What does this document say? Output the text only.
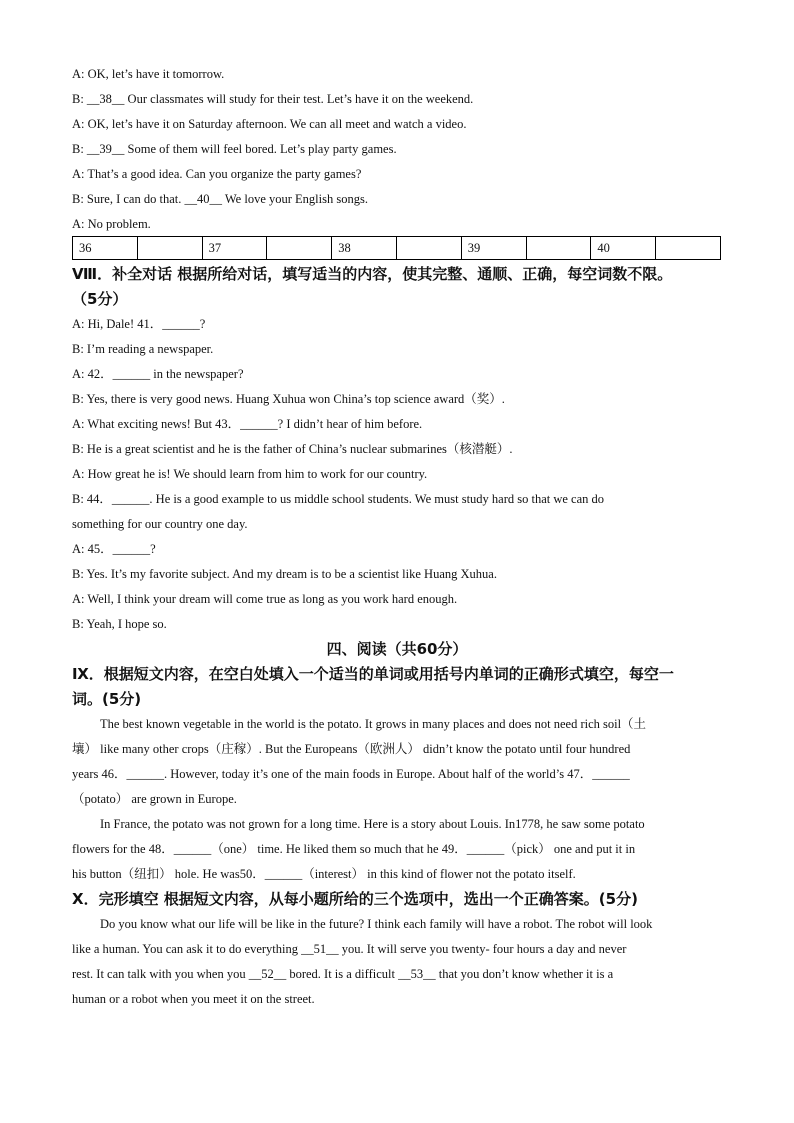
A: OK, let’s have it tomorrow.
B: __38__ Our classmates will study for their test. Let’s have it on the weekend.
A: OK, let’s have it on Saturday afternoon. We can all meet and watch a video.
B: __39__ Some of them will feel bored. Let’s play party games.
A: That’s a good idea. Can you organize the party games?
B: Sure, I can do that. __40__ We love your English songs.
A: No problem.
36		37		38		39		40	
Ⅷ．补全对话 根据所给对话，填写适当的内容，使其完整、通顺、正确，每空词数不限。
（5分）
A: Hi, Dale! 41．______?
B: I’m reading a newspaper.
A: 42．______ in the newspaper?
B: Yes, there is very good news. Huang Xuhua won China’s top science award（奖）.
A: What exciting news! But 43．______? I didn’t hear of him before.
B: He is a great scientist and he is the father of China’s nuclear submarines（核潜艇）.
A: How great he is! We should learn from him to work for our country.
B: 44．______. He is a good example to us middle school students. We must study hard so that we can do
something for our country one day.
A: 45．______?
B: Yes. It’s my favorite subject. And my dream is to be a scientist like Huang Xuhua.
A: Well, I think your dream will come true as long as you work hard enough.
B: Yeah, I hope so.
四、阅读（共60分）
Ⅸ．根据短文内容，在空白处填入一个适当的单词或用括号内单词的正确形式填空，每空一
词。(5分)
The best known vegetable in the world is the potato. It grows in many places and does not need rich soil（土
壤） like many other crops（庄稼）. But the Europeans（欧洲人） didn’t know the potato until four hundred
years 46．______. However, today it’s one of the main foods in Europe. About half of the world’s 47．______
（potato） are grown in Europe.
In France, the potato was not grown for a long time. Here is a story about Louis. In1778, he saw some potato
flowers for the 48．______（one） time. He liked them so much that he 49．______（pick） one and put it in
his button（纽扣） hole. He was50．______（interest） in this kind of flower not the potato itself.
Ⅹ．完形填空 根据短文内容，从每小题所给的三个选项中，选出一个正确答案。(5分)
Do you know what our life will be like in the future? I think each family will have a robot. The robot will look
like a human. You can ask it to do everything __51__ you. It will serve you twenty- four hours a day and never
rest. It can talk with you when you __52__ bored. It is a difficult __53__ that you don’t know whether it is a
human or a robot when you meet it on the street.
